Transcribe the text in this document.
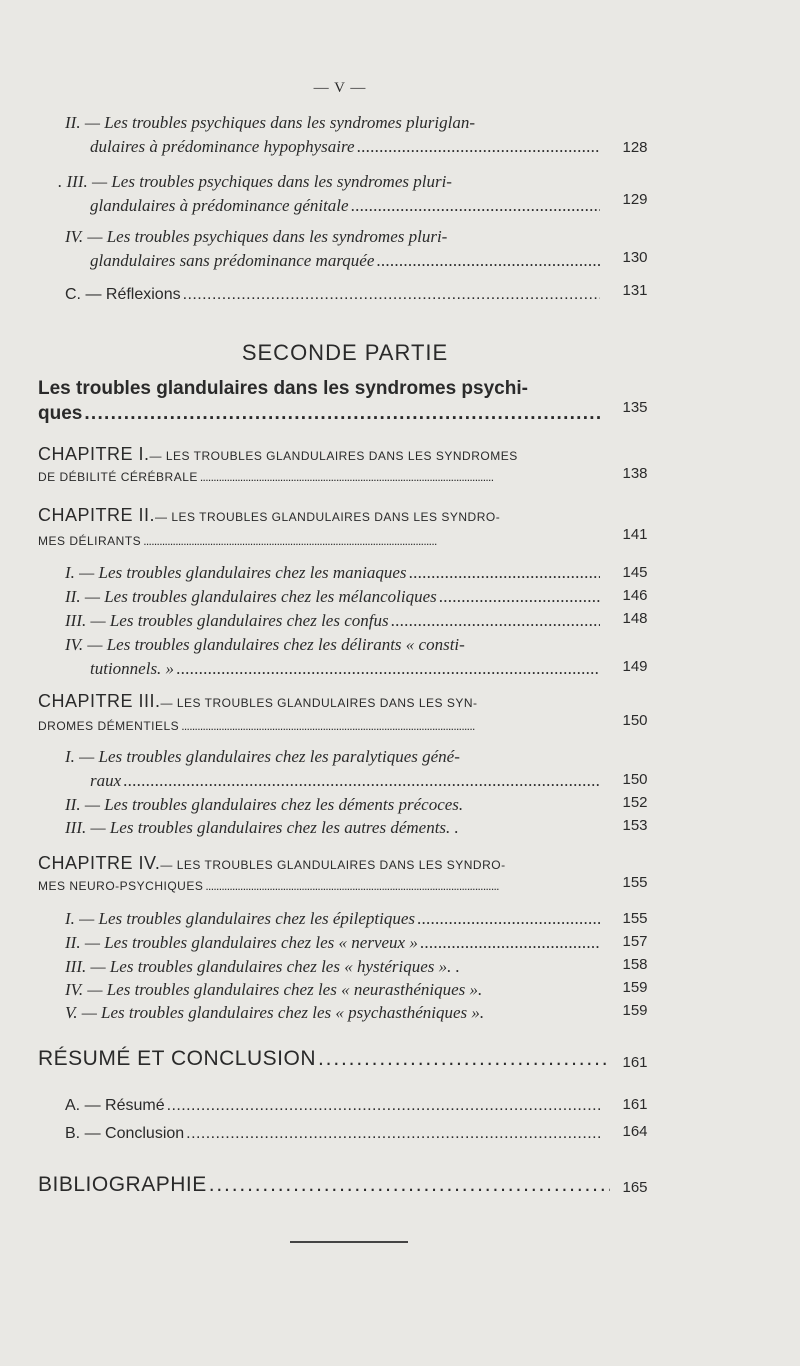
— V —
II. — Les troubles psychiques dans les syndromes pluriglan-
dulaires à prédominance hypophysaire . . .	128
. III. — Les troubles psychiques dans les syndromes pluri-
glandulaires à prédominance génitale . . .	129
IV. — Les troubles psychiques dans les syndromes pluri-
glandulaires sans prédominance marquée . . .	130
C. — Réflexions . . .	131
SECONDE PARTIE
Les troubles glandulaires dans les syndromes psychi-
ques . . .	135
CHAPITRE I. — LES TROUBLES GLANDULAIRES DANS LES SYNDROMES
DE DÉBILITÉ CÉRÉBRALE . . .	138
CHAPITRE II. — LES TROUBLES GLANDULAIRES DANS LES SYNDRO-
MES DÉLIRANTS . . .	141
I. — Les troubles glandulaires chez les maniaques . . .	145
II. — Les troubles glandulaires chez les mélancoliques . . .	146
III. — Les troubles glandulaires chez les confus . . .	148
IV. — Les troubles glandulaires chez les délirants « consti-
tutionnels. » . . .	149
CHAPITRE III. — LES TROUBLES GLANDULAIRES DANS LES SYN-
DROMES DÉMENTIELS . . .	150
I. — Les troubles glandulaires chez les paralytiques géné-
raux . . .	150
II. — Les troubles glandulaires chez les déments précoces.	152
III. — Les troubles glandulaires chez les autres déments. .	153
CHAPITRE IV. — LES TROUBLES GLANDULAIRES DANS LES SYNDRO-
MES NEURO-PSYCHIQUES . . .	155
I. — Les troubles glandulaires chez les épileptiques . . .	155
II. — Les troubles glandulaires chez les « nerveux » . . .	157
III. — Les troubles glandulaires chez les « hystériques ». .	158
IV. — Les troubles glandulaires chez les « neurasthéniques ».	159
V. — Les troubles glandulaires chez les « psychasthéniques ».	159
RÉSUMÉ ET CONCLUSION . . .	161
A. — Résumé . . .	161
B. — Conclusion . . .	164
BIBLIOGRAPHIE . . .	165
